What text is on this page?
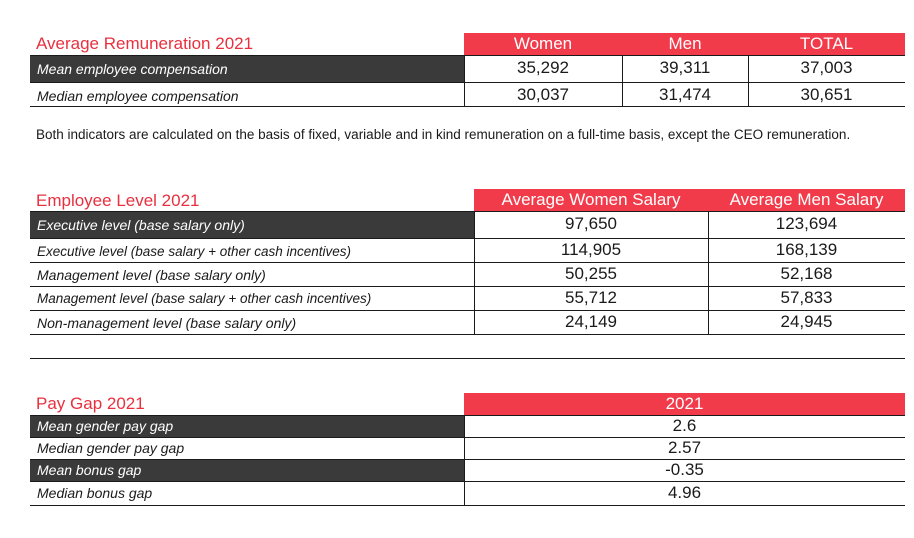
Average Remuneration 2021	Women	Men	TOTAL
Mean employee compensation	35,292	39,311	37,003
Median employee compensation	30,037	31,474	30,651
Both indicators are calculated on the basis of fixed, variable and in kind remuneration on a full-time basis, except the CEO remuneration.
Employee Level 2021	Average Women Salary	Average Men Salary
Executive level (base salary only)	97,650	123,694
Executive level (base salary + other cash incentives)	114,905	168,139
Management level (base salary only)	50,255	52,168
Management level (base salary + other cash incentives)	55,712	57,833
Non-management level (base salary only)	24,149	24,945
Pay Gap 2021	2021
Mean gender pay gap	2.6
Median gender pay gap	2.57
Mean bonus gap	-0.35
Median bonus gap	4.96
